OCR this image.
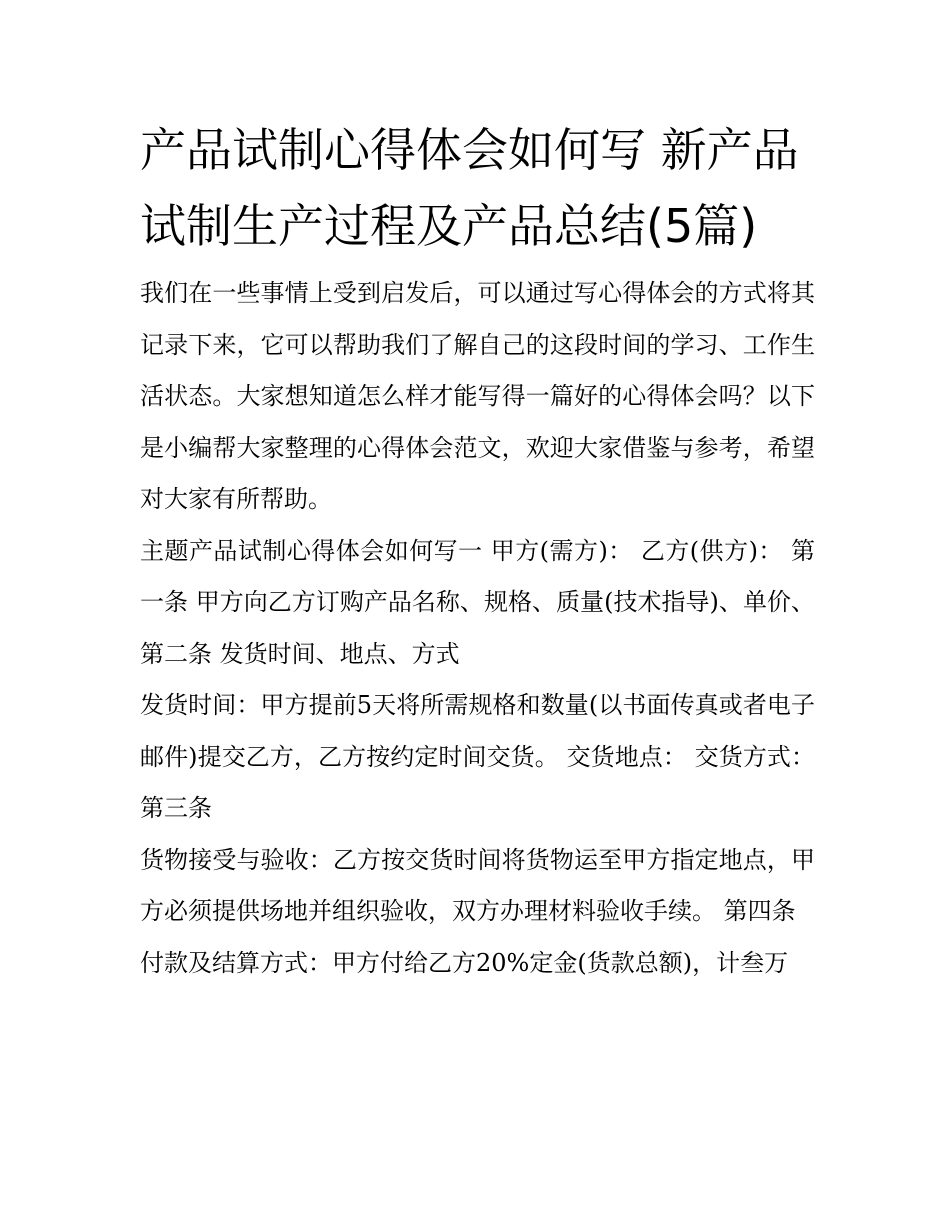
产品试制心得体会如何写 新产品试制生产过程及产品总结(5篇)

我们在一些事情上受到启发后，可以通过写心得体会的方式将其记录下来，它可以帮助我们了解自己的这段时间的学习、工作生活状态。大家想知道怎么样才能写得一篇好的心得体会吗？以下是小编帮大家整理的心得体会范文，欢迎大家借鉴与参考，希望对大家有所帮助。

主题产品试制心得体会如何写一 甲方(需方)： 乙方(供方)： 第一条 甲方向乙方订购产品名称、规格、质量(技术指导)、单价、 第二条 发货时间、地点、方式

发货时间：甲方提前5天将所需规格和数量(以书面传真或者电子邮件)提交乙方，乙方按约定时间交货。 交货地点： 交货方式： 第三条

货物接受与验收：乙方按交货时间将货物运至甲方指定地点，甲方必须提供场地并组织验收，双方办理材料验收手续。 第四条

付款及结算方式：甲方付给乙方20%定金(货款总额)，计叁万
